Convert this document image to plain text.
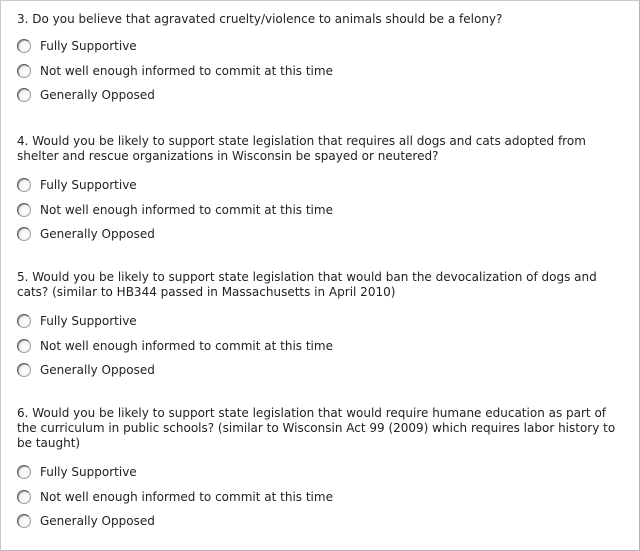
3. Do you believe that agravated cruelty/violence to animals should be a felony?

Fully Supportive
Not well enough informed to commit at this time
Generally Opposed

4. Would you be likely to support state legislation that requires all dogs and cats adopted from shelter and rescue organizations in Wisconsin be spayed or neutered?

Fully Supportive
Not well enough informed to commit at this time
Generally Opposed

5. Would you be likely to support state legislation that would ban the devocalization of dogs and cats? (similar to HB344 passed in Massachusetts in April 2010)

Fully Supportive
Not well enough informed to commit at this time
Generally Opposed

6. Would you be likely to support state legislation that would require humane education as part of the curriculum in public schools? (similar to Wisconsin Act 99 (2009) which requires labor history to be taught)

Fully Supportive
Not well enough informed to commit at this time
Generally Opposed
